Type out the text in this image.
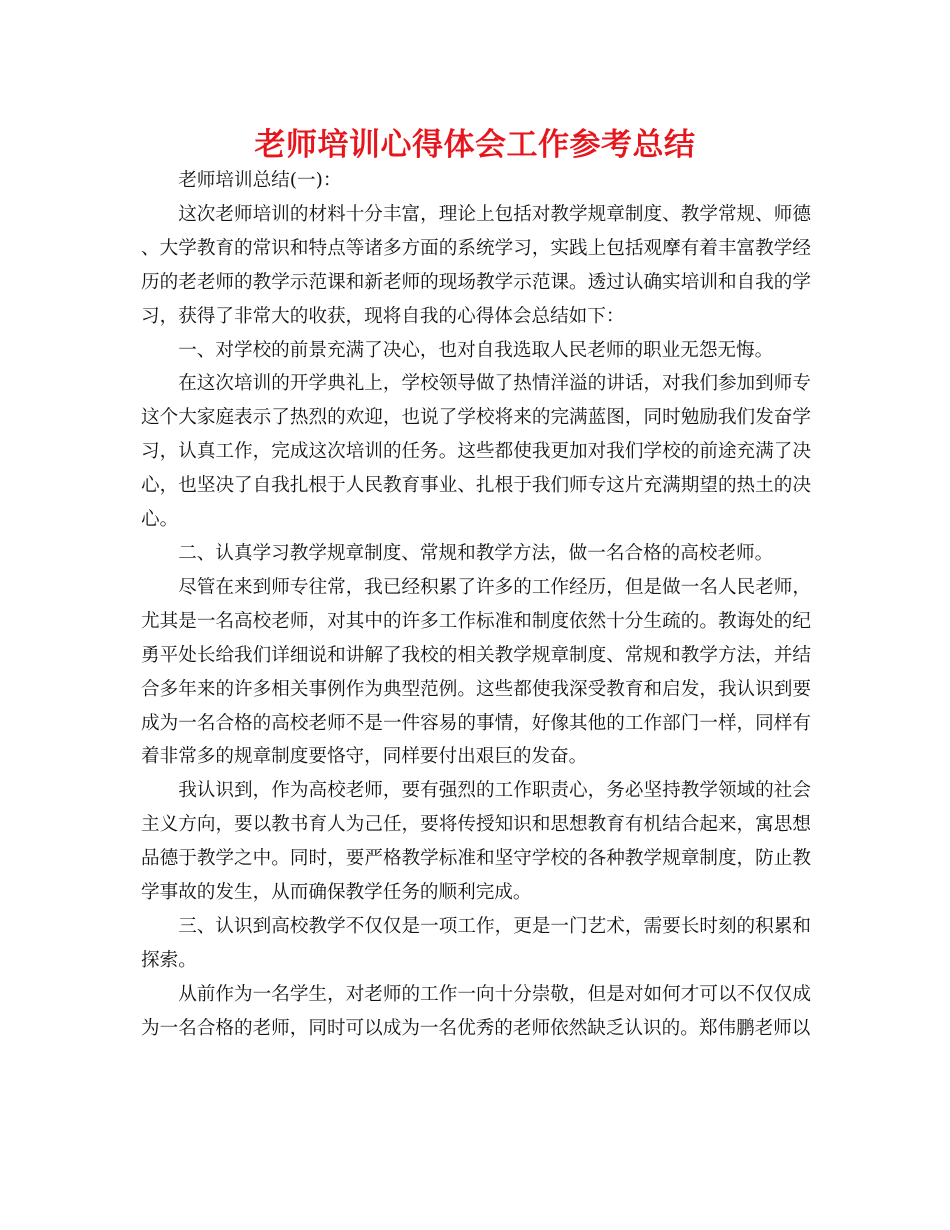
老师培训心得体会工作参考总结

老师培训总结(一)：

这次老师培训的材料十分丰富，理论上包括对教学规章制度、教学常规、师德、大学教育的常识和特点等诸多方面的系统学习，实践上包括观摩有着丰富教学经历的老老师的教学示范课和新老师的现场教学示范课。透过认确实培训和自我的学习，获得了非常大的收获，现将自我的心得体会总结如下：

一、对学校的前景充满了决心，也对自我选取人民老师的职业无怨无悔。

在这次培训的开学典礼上，学校领导做了热情洋溢的讲话，对我们参加到师专这个大家庭表示了热烈的欢迎，也说了学校将来的完满蓝图，同时勉励我们发奋学习，认真工作，完成这次培训的任务。这些都使我更加对我们学校的前途充满了决心，也坚决了自我扎根于人民教育事业、扎根于我们师专这片充满期望的热土的决心。

二、认真学习教学规章制度、常规和教学方法，做一名合格的高校老师。

尽管在来到师专往常，我已经积累了许多的工作经历，但是做一名人民老师，尤其是一名高校老师，对其中的许多工作标准和制度依然十分生疏的。教诲处的纪勇平处长给我们详细说和讲解了我校的相关教学规章制度、常规和教学方法，并结合多年来的许多相关事例作为典型范例。这些都使我深受教育和启发，我认识到要成为一名合格的高校老师不是一件容易的事情，好像其他的工作部门一样，同样有着非常多的规章制度要恪守，同样要付出艰巨的发奋。

我认识到，作为高校老师，要有强烈的工作职责心，务必坚持教学领域的社会主义方向，要以教书育人为己任，要将传授知识和思想教育有机结合起来，寓思想品德于教学之中。同时，要严格教学标准和坚守学校的各种教学规章制度，防止教学事故的发生，从而确保教学任务的顺利完成。

三、认识到高校教学不仅仅是一项工作，更是一门艺术，需要长时刻的积累和探索。

从前作为一名学生，对老师的工作一向十分崇敬，但是对如何才可以不仅仅成为一名合格的老师，同时可以成为一名优秀的老师依然缺乏认识的。郑伟鹏老师以
